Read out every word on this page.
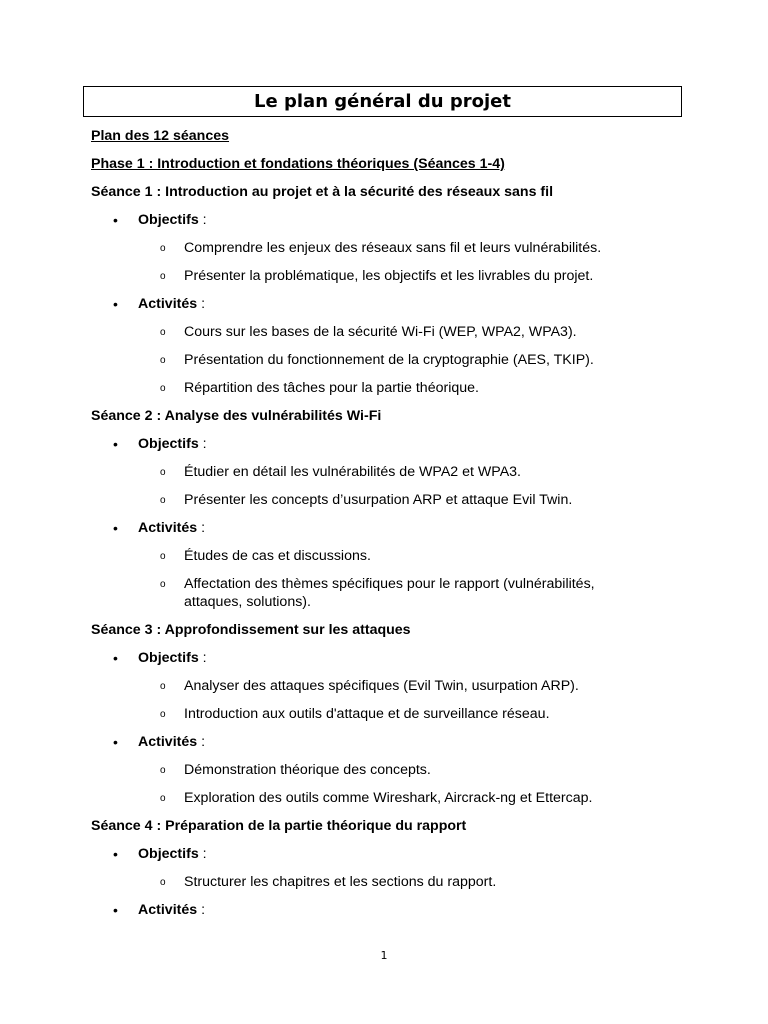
Le plan général du projet
Plan des 12 séances
Phase 1 : Introduction et fondations théoriques (Séances 1-4)
Séance 1 : Introduction au projet et à la sécurité des réseaux sans fil
• Objectifs :
o Comprendre les enjeux des réseaux sans fil et leurs vulnérabilités.
o Présenter la problématique, les objectifs et les livrables du projet.
• Activités :
o Cours sur les bases de la sécurité Wi-Fi (WEP, WPA2, WPA3).
o Présentation du fonctionnement de la cryptographie (AES, TKIP).
o Répartition des tâches pour la partie théorique.
Séance 2 : Analyse des vulnérabilités Wi-Fi
• Objectifs :
o Étudier en détail les vulnérabilités de WPA2 et WPA3.
o Présenter les concepts d’usurpation ARP et attaque Evil Twin.
• Activités :
o Études de cas et discussions.
o Affectation des thèmes spécifiques pour le rapport (vulnérabilités, attaques, solutions).
Séance 3 : Approfondissement sur les attaques
• Objectifs :
o Analyser des attaques spécifiques (Evil Twin, usurpation ARP).
o Introduction aux outils d'attaque et de surveillance réseau.
• Activités :
o Démonstration théorique des concepts.
o Exploration des outils comme Wireshark, Aircrack-ng et Ettercap.
Séance 4 : Préparation de la partie théorique du rapport
• Objectifs :
o Structurer les chapitres et les sections du rapport.
• Activités :
1
